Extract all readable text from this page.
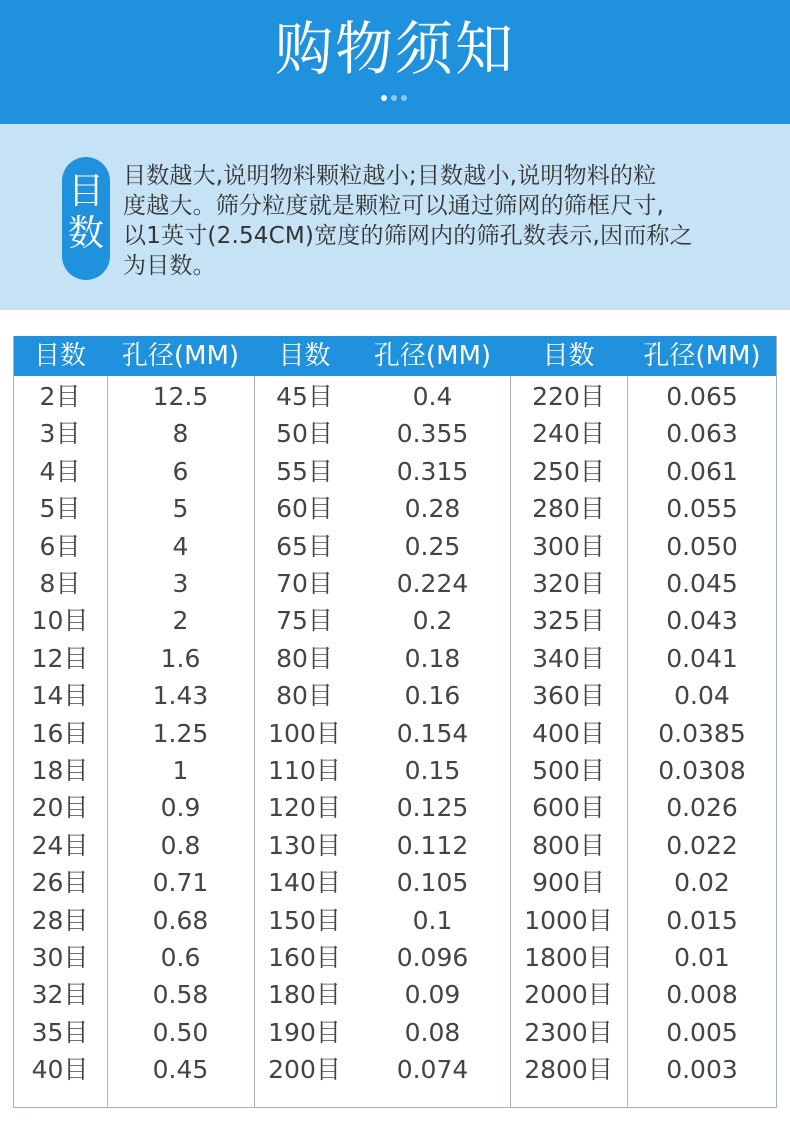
购物须知
目
数
目数越大,说明物料颗粒越小;目数越小,说明物料的粒
度越大。筛分粒度就是颗粒可以通过筛网的筛框尺寸,
以1英寸(2.54CM)宽度的筛网内的筛孔数表示,因而称之
为目数。
目数	孔径(MM)	目数	孔径(MM)	目数	孔径(MM)
2目	12.5	45目	0.4	220目	0.065
3目	8	50目	0.355	240目	0.063
4目	6	55目	0.315	250目	0.061
5目	5	60目	0.28	280目	0.055
6目	4	65目	0.25	300目	0.050
8目	3	70目	0.224	320目	0.045
10目	2	75目	0.2	325目	0.043
12目	1.6	80目	0.18	340目	0.041
14目	1.43	80目	0.16	360目	0.04
16目	1.25	100目	0.154	400目	0.0385
18目	1	110目	0.15	500目	0.0308
20目	0.9	120目	0.125	600目	0.026
24目	0.8	130目	0.112	800目	0.022
26目	0.71	140目	0.105	900目	0.02
28目	0.68	150目	0.1	1000目	0.015
30目	0.6	160目	0.096	1800目	0.01
32目	0.58	180目	0.09	2000目	0.008
35目	0.50	190目	0.08	2300目	0.005
40目	0.45	200目	0.074	2800目	0.003
